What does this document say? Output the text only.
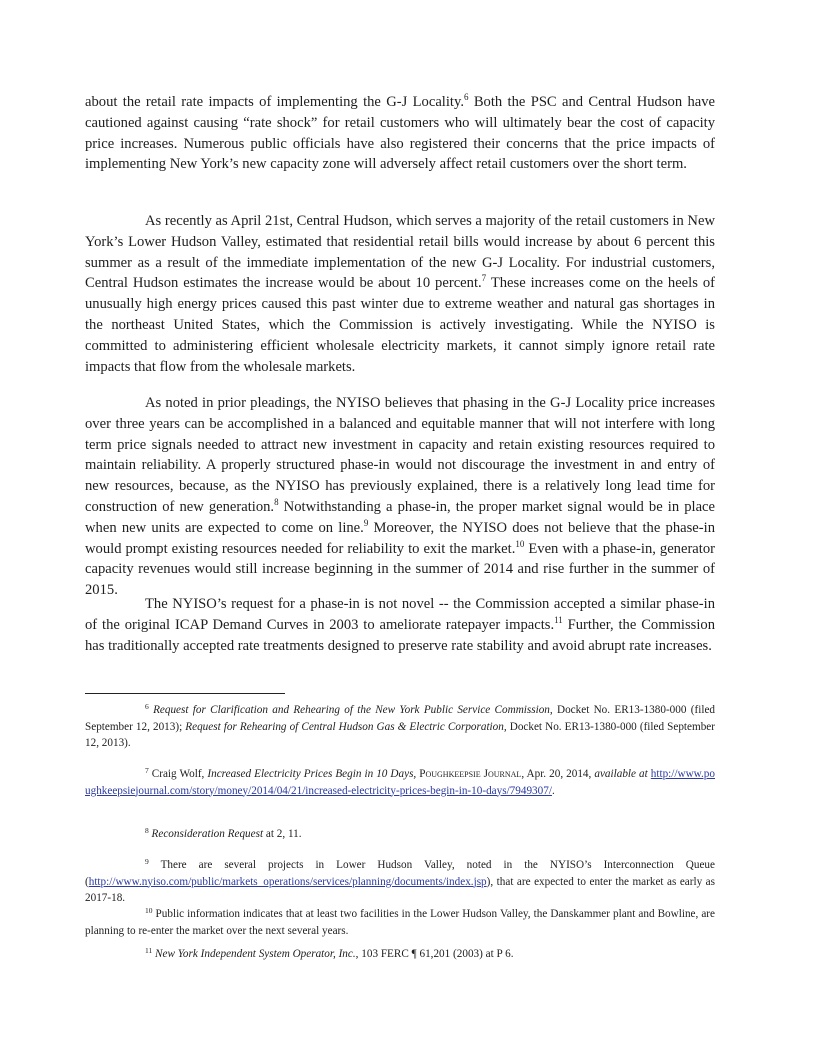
about the retail rate impacts of implementing the G-J Locality.$^6$ Both the PSC and Central Hudson have cautioned against causing “rate shock” for retail customers who will ultimately bear the cost of capacity price increases. Numerous public officials have also registered their concerns that the price impacts of implementing New York’s new capacity zone will adversely affect retail customers over the short term.

As recently as April 21st, Central Hudson, which serves a majority of the retail customers in New York’s Lower Hudson Valley, estimated that residential retail bills would increase by about 6 percent this summer as a result of the immediate implementation of the new G-J Locality. For industrial customers, Central Hudson estimates the increase would be about 10 percent.$^7$ These increases come on the heels of unusually high energy prices caused this past winter due to extreme weather and natural gas shortages in the northeast United States, which the Commission is actively investigating. While the NYISO is committed to administering efficient wholesale electricity markets, it cannot simply ignore retail rate impacts that flow from the wholesale markets.

As noted in prior pleadings, the NYISO believes that phasing in the G-J Locality price increases over three years can be accomplished in a balanced and equitable manner that will not interfere with long term price signals needed to attract new investment in capacity and retain existing resources required to maintain reliability. A properly structured phase-in would not discourage the investment in and entry of new resources, because, as the NYISO has previously explained, there is a relatively long lead time for construction of new generation.$^8$ Notwithstanding a phase-in, the proper market signal would be in place when new units are expected to come on line.$^9$ Moreover, the NYISO does not believe that the phase-in would prompt existing resources needed for reliability to exit the market.$^{10}$ Even with a phase-in, generator capacity revenues would still increase beginning in the summer of 2014 and rise further in the summer of 2015.

The NYISO’s request for a phase-in is not novel -- the Commission accepted a similar phase-in of the original ICAP Demand Curves in 2003 to ameliorate ratepayer impacts.$^{11}$ Further, the Commission has traditionally accepted rate treatments designed to preserve rate stability and avoid abrupt rate increases.

$^6$ Request for Clarification and Rehearing of the New York Public Service Commission, Docket No. ER13-1380-000 (filed September 12, 2013); Request for Rehearing of Central Hudson Gas & Electric Corporation, Docket No. ER13-1380-000 (filed September 12, 2013).

$^7$ Craig Wolf, Increased Electricity Prices Begin in 10 Days, Poughkeepsie Journal, Apr. 20, 2014, available at http://www.poughkeepsiejournal.com/story/money/2014/04/21/increased-electricity-prices-begin-in-10-days/7949307/.

$^8$ Reconsideration Request at 2, 11.

$^9$ There are several projects in Lower Hudson Valley, noted in the NYISO’s Interconnection Queue (http://www.nyiso.com/public/markets_operations/services/planning/documents/index.jsp), that are expected to enter the market as early as 2017-18.

$^{10}$ Public information indicates that at least two facilities in the Lower Hudson Valley, the Danskammer plant and Bowline, are planning to re-enter the market over the next several years.

$^{11}$ New York Independent System Operator, Inc., 103 FERC ¶ 61,201 (2003) at P 6.
